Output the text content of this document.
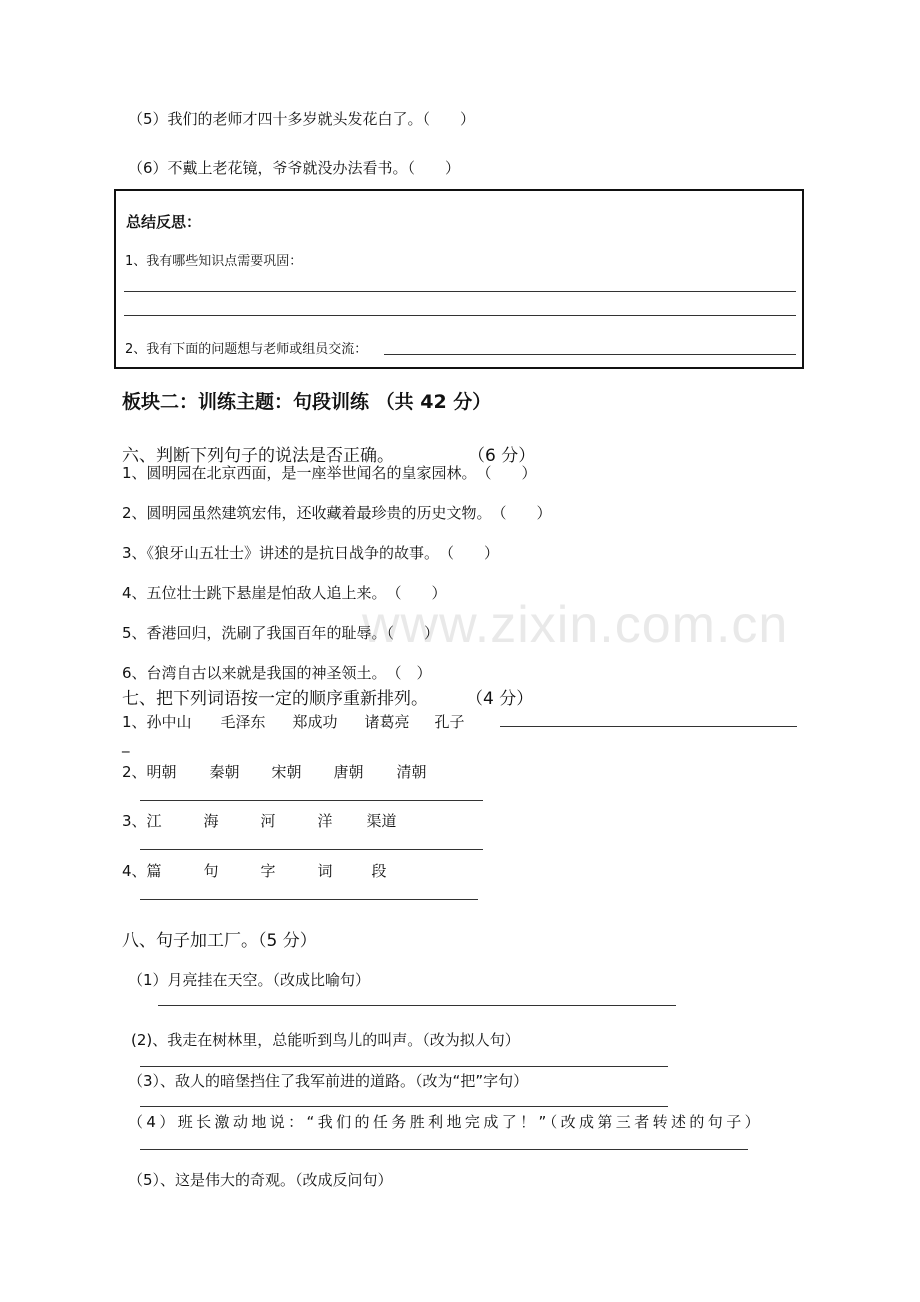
（5）我们的老师才四十多岁就头发花白了。（　　）
（6）不戴上老花镜，爷爷就没办法看书。（　　）
总结反思：
1、我有哪些知识点需要巩固：
2、我有下面的问题想与老师或组员交流：
板块二：训练主题：句段训练 （共 42 分）
六、判断下列句子的说法是否正确。	（6 分）
1、圆明园在北京西面，是一座举世闻名的皇家园林。　（　　）
2、圆明园虽然建筑宏伟，还收藏着最珍贵的历史文物。　（　　）
3、《狼牙山五壮士》讲述的是抗日战争的故事。　（　　）
4、五位壮士跳下悬崖是怕敌人追上来。　（　　）
5、香港回归，洗刷了我国百年的耻辱。（　　）
6、台湾自古以来就是我国的神圣领土。　（　）
www.zixin.com.cn
七、把下列词语按一定的顺序重新排列。 （4 分）
1、孙中山 毛泽东 郑成功 诸葛亮 孔子
_
2、明朝 秦朝 宋朝 唐朝 清朝
3、江	海	河	洋 渠道
4、篇	句	字	词	段
八、句子加工厂。（5 分）
（1）月亮挂在天空。（改成比喻句）
(2)、我走在树林里，总能听到鸟儿的叫声。（改为拟人句）
（3）、敌人的暗堡挡住了我军前进的道路。（改为“把”字句）
（4）班长激动地说：“我们的任务胜利地完成了！”（改成第三者转述的句子）
（5）、这是伟大的奇观。（改成反问句）
